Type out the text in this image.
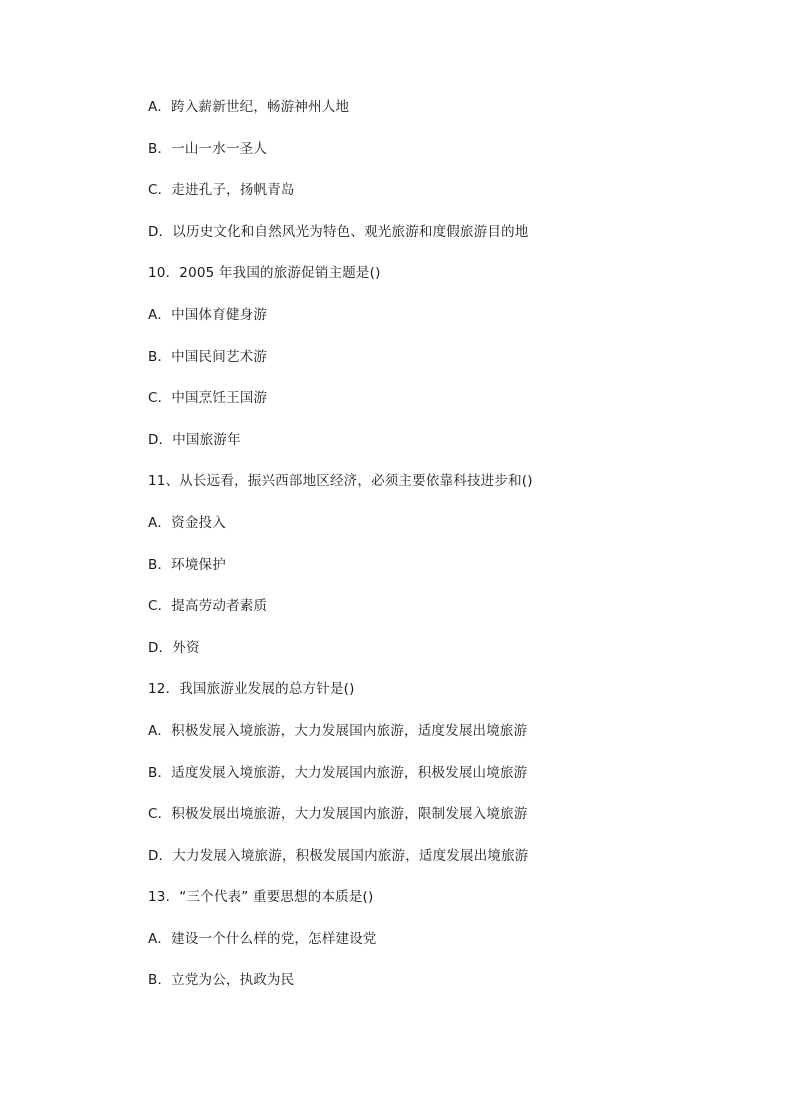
A．跨入薪新世纪，畅游神州人地
B．一山一水一圣人
C．走进孔子，扬帆青岛
D．以历史文化和自然风光为特色、观光旅游和度假旅游目的地
10．2005 年我国的旅游促销主题是()
A．中国体育健身游
B．中国民间艺术游
C．中国烹饪王国游
D．中国旅游年
11、从长远看，振兴西部地区经济，必须主要依靠科技进步和()
A．资金投入
B．环境保护
C．提高劳动者素质
D．外资
12．我国旅游业发展的总方针是()
A．积极发展入境旅游，大力发展国内旅游，适度发展出境旅游
B．适度发展入境旅游，大力发展国内旅游，积极发展山境旅游
C．积极发展出境旅游，大力发展国内旅游，限制发展入境旅游
D．大力发展入境旅游，积极发展国内旅游，适度发展出境旅游
13．“三个代表” 重要思想的本质是()
A．建设一个什么样的党，怎样建设党
B．立党为公，执政为民
